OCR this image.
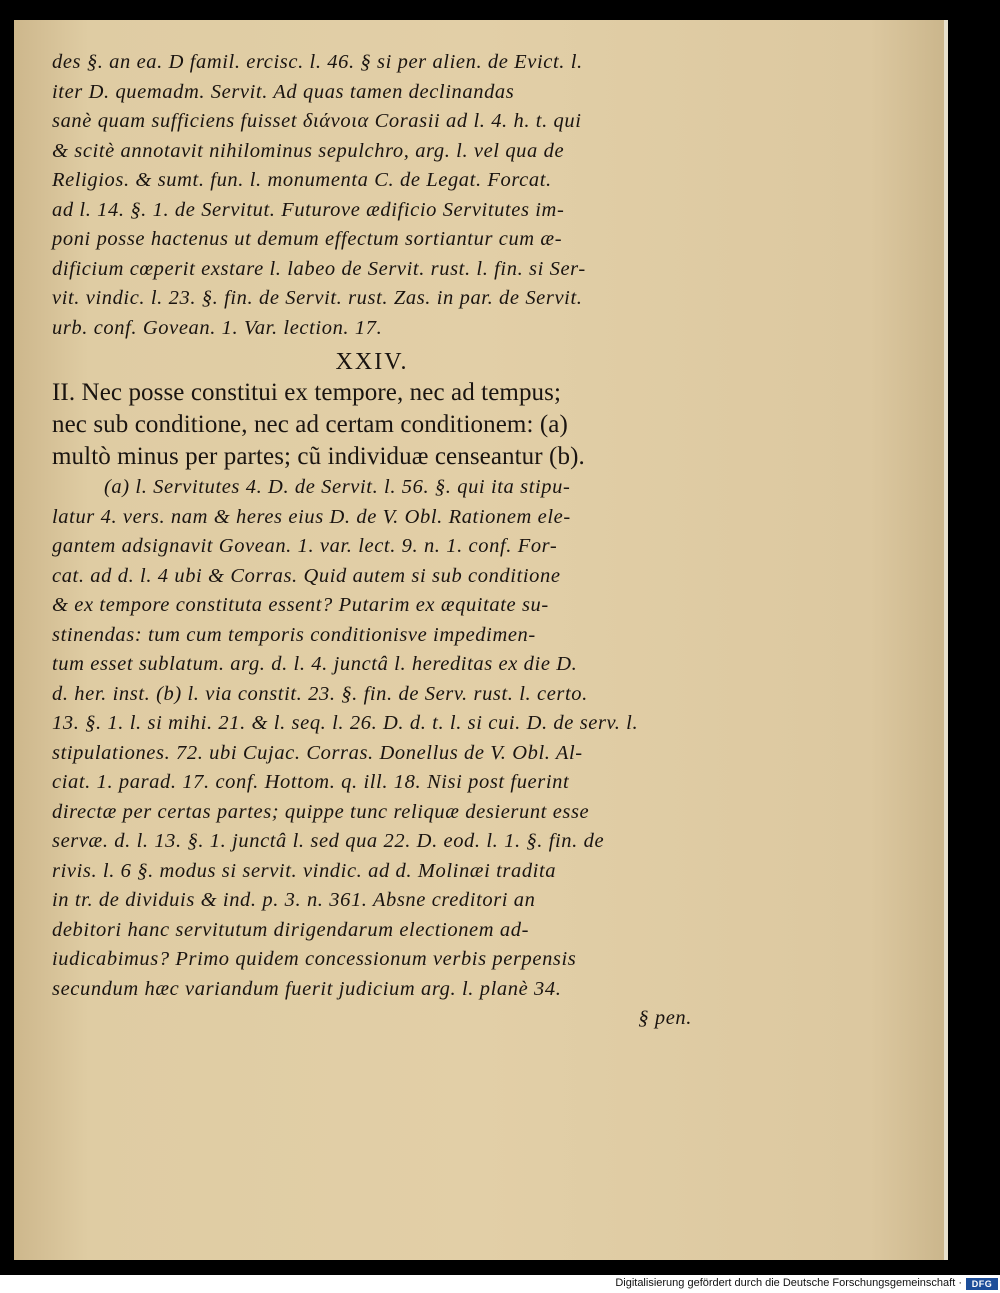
des §. an ea. D famil. ercisc. l. 46. § si per alien. de Evict. l.

iter D. quemadm. Servit. Ad quas tamen declinandas

sanè quam sufficiens fuisset διάνοια Corasii ad l. 4. h. t. qui

& scitè annotavit nihilominus sepulchro, arg. l. vel qua de

Religios. & sumt. fun. l. monumenta C. de Legat. Forcat.

ad l. 14. §. 1. de Servitut. Futurove ædificio Servitutes im-

poni posse hactenus ut demum effectum sortiantur cum æ-

dificium cœperit exstare l. labeo de Servit. rust. l. fin. si Ser-

vit. vindic. l. 23. §. fin. de Servit. rust. Zas. in par. de Servit.

urb. conf. Govean. 1. Var. lection. 17.

XXIV.

II. Nec posse constitui ex tempore, nec ad tempus;

nec sub conditione, nec ad certam conditionem: (a)

multò minus per partes; cũ individuæ censeantur (b).

(a) l. Servitutes 4. D. de Servit. l. 56. §. qui ita stipu-

latur 4. vers. nam & heres eius D. de V. Obl. Rationem ele-

gantem adsignavit Govean. 1. var. lect. 9. n. 1. conf. For-

cat. ad d. l. 4 ubi & Corras. Quid autem si sub conditione

& ex tempore constituta essent? Putarim ex æquitate su-

stinendas: tum cum temporis conditionisve impedimen-

tum esset sublatum. arg. d. l. 4. junctâ l. hereditas ex die D.

d. her. inst. (b) l. via constit. 23. §. fin. de Serv. rust. l. certo.

13. §. 1. l. si mihi. 21. & l. seq. l. 26. D. d. t. l. si cui. D. de serv. l.

stipulationes. 72. ubi Cujac. Corras. Donellus de V. Obl. Al-

ciat. 1. parad. 17. conf. Hottom. q. ill. 18. Nisi post fuerint

directæ per certas partes; quippe tunc reliquæ desierunt esse

servæ. d. l. 13. §. 1. junctâ l. sed qua 22. D. eod. l. 1. §. fin. de

rivis. l. 6 §. modus si servit. vindic. ad d. Molinæi tradita

in tr. de dividuis & ind. p. 3. n. 361. Absne creditori an

debitori hanc servitutum dirigendarum electionem ad-

iudicabimus? Primo quidem concessionum verbis perpensis

secundum hæc variandum fuerit judicium arg. l. planè 34.

§ pen.

Digitalisierung gefördert durch die Deutsche Forschungsgemeinschaft ·	DFG
